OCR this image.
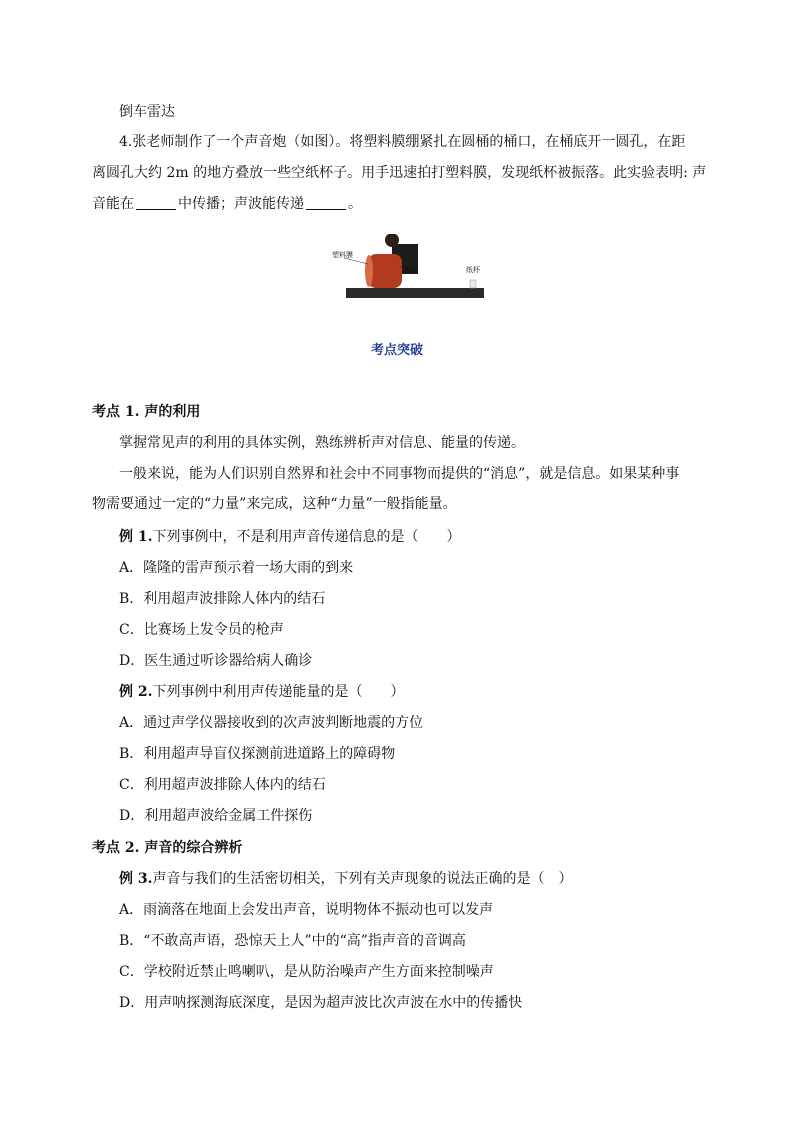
倒车雷达
4.张老师制作了一个声音炮（如图）。将塑料膜绷紧扎在圆桶的桶口，在桶底开一圆孔，在距
离圆孔大约 2m 的地方叠放一些空纸杯子。用手迅速拍打塑料膜，发现纸杯被振落。此实验表明: 声
音能在	中传播；声波能传递	。
塑料膜
圆孔	纸杯
考点突破
考点 1. 声的利用
掌握常见声的利用的具体实例，熟练辨析声对信息、能量的传递。
一般来说，能为人们识别自然界和社会中不同事物而提供的“消息”，就是信息。如果某种事
物需要通过一定的“力量”来完成，这种“力量”一般指能量。
例 1.下列事例中，不是利用声音传递信息的是（　　）
A．隆隆的雷声预示着一场大雨的到来
B．利用超声波排除人体内的结石
C．比赛场上发令员的枪声
D．医生通过听诊器给病人确诊
例 2.下列事例中利用声传递能量的是（　　）
A．通过声学仪器接收到的次声波判断地震的方位
B．利用超声导盲仪探测前进道路上的障碍物
C．利用超声波排除人体内的结石
D．利用超声波给金属工件探伤
考点 2. 声音的综合辨析
例 3.声音与我们的生活密切相关，下列有关声现象的说法正确的是（　）
A．雨滴落在地面上会发出声音，说明物体不振动也可以发声
B．“不敢高声语，恐惊天上人”中的“高”指声音的音调高
C．学校附近禁止鸣喇叭，是从防治噪声产生方面来控制噪声
D．用声呐探测海底深度，是因为超声波比次声波在水中的传播快
